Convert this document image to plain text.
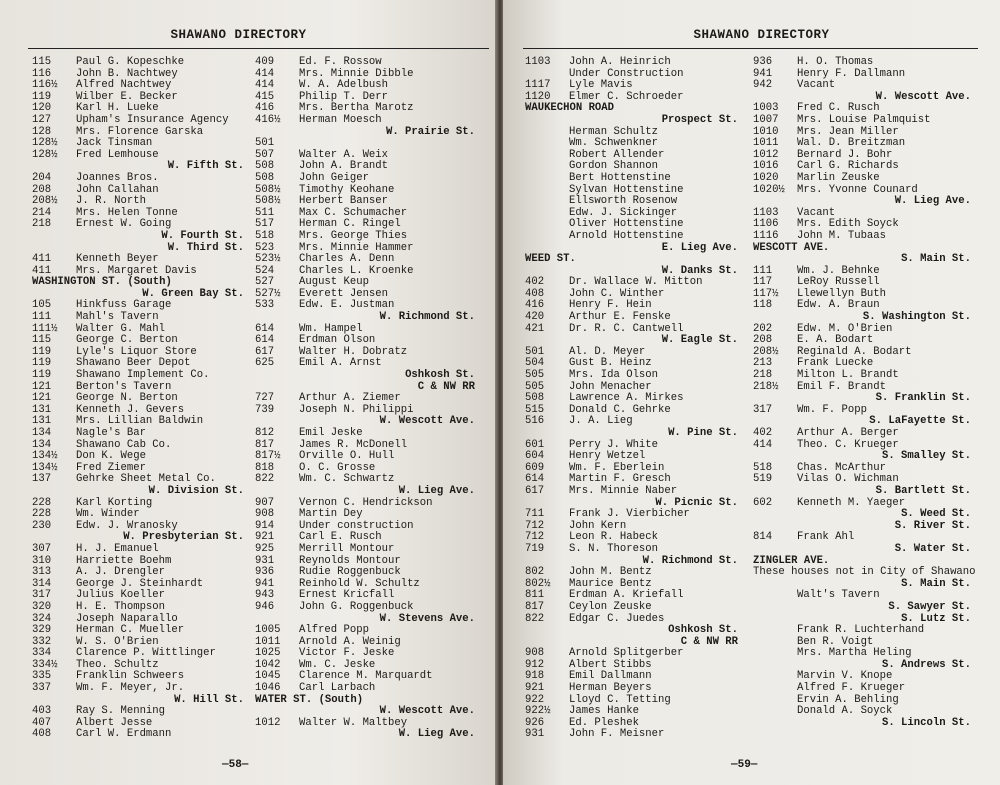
SHAWANO DIRECTORY
115 Paul G. Kopeschke
116 John B. Nachtwey
116½ Alfred Nachtwey
119 Wilber E. Becker
120 Karl H. Lueke
127 Upham's Insurance Agency
128 Mrs. Florence Garska
128½ Jack Tinsman
128½ Fred Lemhouse
W. Fifth St.
204 Joannes Bros.
208 John Callahan
208½ J. R. North
214 Mrs. Helen Tonne
218 Ernest W. Going
W. Fourth St.
W. Third St.
411 Kenneth Beyer
411 Mrs. Margaret Davis
WASHINGTON ST. (South)
W. Green Bay St.
105 Hinkfuss Garage
111 Mahl's Tavern
111½ Walter G. Mahl
115 George C. Berton
119 Lyle's Liquor Store
119 Shawano Beer Depot
119 Shawano Implement Co.
121 Berton's Tavern
121 George N. Berton
131 Kenneth J. Gevers
131 Mrs. Lillian Baldwin
134 Nagle's Bar
134 Shawano Cab Co.
134½ Don K. Wege
134½ Fred Ziemer
137 Gehrke Sheet Metal Co.
W. Division St.
228 Karl Korting
228 Wm. Winder
230 Edw. J. Wranosky
W. Presbyterian St.
307 H. J. Emanuel
310 Harriette Boehm
313 A. J. Drengler
314 George J. Steinhardt
317 Julius Koeller
320 H. E. Thompson
324 Joseph Naparallo
329 Herman C. Mueller
332 W. S. O'Brien
334 Clarence P. Wittlinger
334½ Theo. Schultz
335 Franklin Schweers
337 Wm. F. Meyer, Jr.
W. Hill St.
403 Ray S. Menning
407 Albert Jesse
408 Carl W. Erdmann
409 Ed. F. Rossow
414 Mrs. Minnie Dibble
414 W. A. Adelbush
415 Philip T. Derr
416 Mrs. Bertha Marotz
416½ Herman Moesch
W. Prairie St.
501
507 Walter A. Weix
508 John A. Brandt
508 John Geiger
508½ Timothy Keohane
508½ Herbert Banser
511 Max C. Schumacher
517 Herman C. Ringel
518 Mrs. George Thies
523 Mrs. Minnie Hammer
523½ Charles A. Denn
524 Charles L. Kroenke
527 August Keup
527½ Everett Jensen
533 Edw. E. Justman
W. Richmond St.
614 Wm. Hampel
614 Erdman Olson
617 Walter H. Dobratz
625 Emil A. Arnst
Oshkosh St.
C & NW RR
727 Arthur A. Ziemer
739 Joseph N. Philippi
W. Wescott Ave.
812 Emil Jeske
817 James R. McDonell
817½ Orville O. Hull
818 O. C. Grosse
822 Wm. C. Schwartz
W. Lieg Ave.
907 Vernon C. Hendrickson
908 Martin Dey
914 Under construction
921 Carl E. Rusch
925 Merrill Montour
931 Reynolds Montour
936 Rudie Roggenbuck
941 Reinhold W. Schultz
943 Ernest Kricfall
946 John G. Roggenbuck
W. Stevens Ave.
1005 Alfred Popp
1011 Arnold A. Weinig
1025 Victor F. Jeske
1042 Wm. C. Jeske
1045 Clarence M. Marquardt
1046 Carl Larbach
WATER ST. (South)
W. Wescott Ave.
1012 Walter W. Maltbey
W. Lieg Ave.
—58—
SHAWANO DIRECTORY
1103 John A. Heinrich
Under Construction
1117 Lyle Mavis
1120 Elmer C. Schroeder
WAUKECHON ROAD
Prospect St.
Herman Schultz
Wm. Schwenkner
Robert Allender
Gordon Shannon
Bert Hottenstine
Sylvan Hottenstine
Ellsworth Rosenow
Edw. J. Sickinger
Oliver Hottenstine
Arnold Hottenstine
E. Lieg Ave.
WEED ST.
W. Danks St.
402 Dr. Wallace W. Mitton
408 John C. Winther
416 Henry F. Hein
420 Arthur E. Fenske
421 Dr. R. C. Cantwell
W. Eagle St.
501 Al. D. Meyer
504 Gust B. Heinz
505 Mrs. Ida Olson
505 John Menacher
508 Lawrence A. Mirkes
515 Donald C. Gehrke
516 J. A. Lieg
W. Pine St.
601 Perry J. White
604 Henry Wetzel
609 Wm. F. Eberlein
614 Martin F. Gresch
617 Mrs. Minnie Naber
W. Picnic St.
711 Frank J. Vierbicher
712 John Kern
712 Leon R. Habeck
719 S. N. Thoreson
W. Richmond St.
802 John M. Bentz
802½ Maurice Bentz
811 Erdman A. Kriefall
817 Ceylon Zeuske
822 Edgar C. Juedes
Oshkosh St.
C & NW RR
908 Arnold Splitgerber
912 Albert Stibbs
918 Emil Dallmann
921 Herman Beyers
922 Lloyd C. Tetting
922½ James Hanke
926 Ed. Pleshek
931 John F. Meisner
936 H. O. Thomas
941 Henry F. Dallmann
942 Vacant
W. Wescott Ave.
1003 Fred C. Rusch
1007 Mrs. Louise Palmquist
1010 Mrs. Jean Miller
1011 Wal. D. Breitzman
1012 Bernard J. Bohr
1016 Carl G. Richards
1020 Marlin Zeuske
1020½ Mrs. Yvonne Counard
W. Lieg Ave.
1103 Vacant
1106 Mrs. Edith Soyck
1116 John M. Tubaas
WESCOTT AVE.
S. Main St.
111 Wm. J. Behnke
117 LeRoy Russell
117½ Llewellyn Buth
118 Edw. A. Braun
S. Washington St.
202 Edw. M. O'Brien
208 E. A. Bodart
208½ Reginald A. Bodart
213 Frank Luecke
218 Milton L. Brandt
218½ Emil F. Brandt
S. Franklin St.
317 Wm. F. Popp
S. LaFayette St.
402 Arthur A. Berger
414 Theo. C. Krueger
S. Smalley St.
518 Chas. McArthur
519 Vilas O. Wichman
S. Bartlett St.
602 Kenneth M. Yaeger
S. Weed St.
S. River St.
814 Frank Ahl
S. Water St.
ZINGLER AVE.
These houses not in City of Shawano
S. Main St.
Walt's Tavern
S. Sawyer St.
S. Lutz St.
Frank R. Luchterhand
Ben R. Voigt
Mrs. Martha Heling
S. Andrews St.
Marvin V. Knope
Alfred F. Krueger
Ervin A. Behling
Donald A. Soyck
S. Lincoln St.
—59—
